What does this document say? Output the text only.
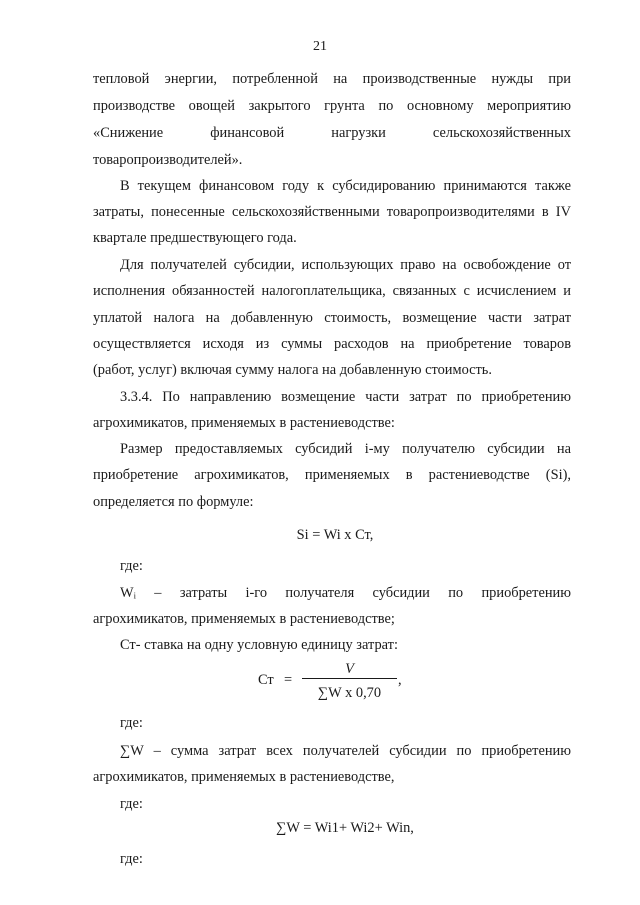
21
тепловой энергии, потребленной на производственные нужды при
производстве овощей закрытого грунта по основному мероприятию
«Снижение финансовой нагрузки сельскохозяйственных
товаропроизводителей».
В текущем финансовом году к субсидированию принимаются также
затраты, понесенные сельскохозяйственными товаропроизводителями в IV
квартале предшествующего года.
Для получателей субсидии, использующих право на освобождение от
исполнения обязанностей налогоплательщика, связанных с исчислением и
уплатой налога на добавленную стоимость, возмещение части затрат
осуществляется исходя из суммы расходов на приобретение товаров
(работ, услуг) включая сумму налога на добавленную стоимость.
3.3.4. По направлению возмещение части затрат по приобретению
агрохимикатов, применяемых в растениеводстве:
Размер предоставляемых субсидий i-му получателю субсидии на
приобретение агрохимикатов, применяемых в растениеводстве (Si),
определяется по формуле:
Si = Wi x Ст,
где:
Wᵢ – затраты i-го получателя субсидии по приобретению
агрохимикатов, применяемых в растениеводстве;
Ст- ставка на одну условную единицу затрат:
Ст =
V
∑W x 0,70
,
где:
∑W – сумма затрат всех получателей субсидии по приобретению
агрохимикатов, применяемых в растениеводстве,
где:
∑W = Wi1+ Wi2+ Win,
где:
